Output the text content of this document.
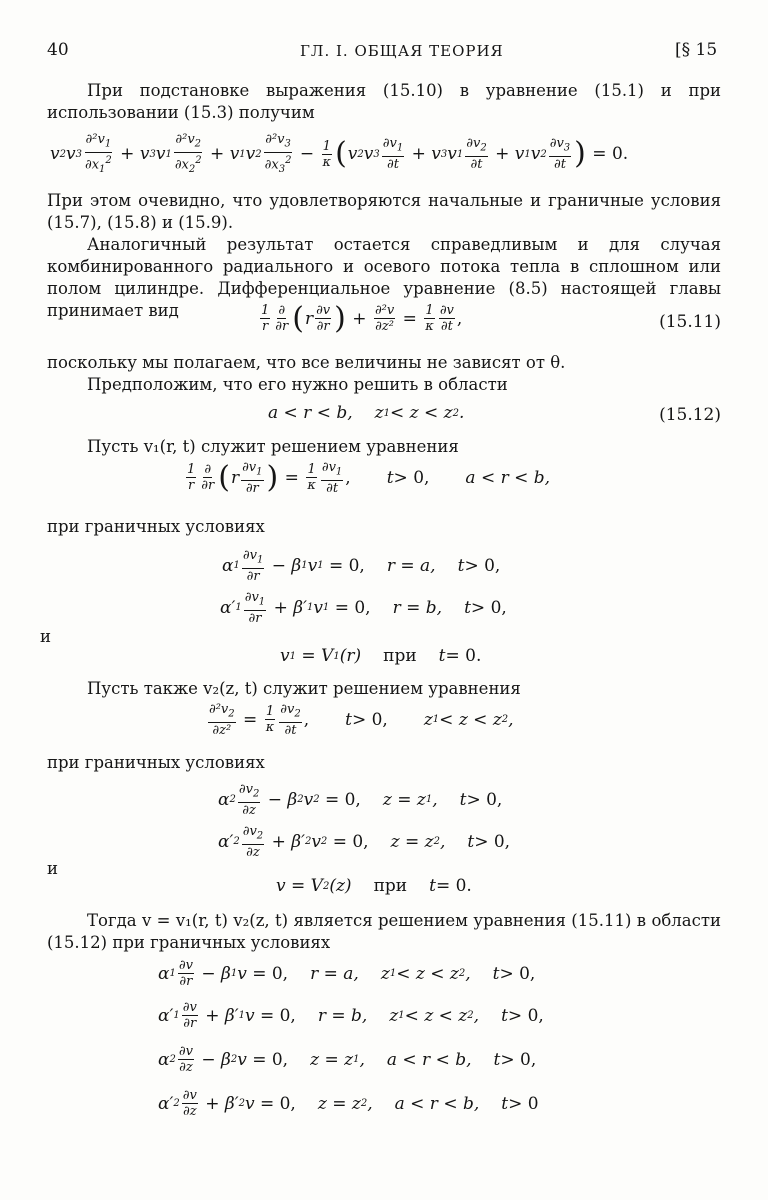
40	ГЛ. I. ОБЩАЯ ТЕОРИЯ	[§ 15
При подстановке выражения (15.10) в уравнение (15.1) и при использовании (15.3) получим
v 2 v 3
$\partial^2v_1$
$\partial x_1^2 + v$ 3 v 1
$\partial^2v_2$
$\partial x_2^2 + v$ 1 v 2
$\partial^2v_3$
$\partial x_3^2 - \frac{1}{\kappa}$ ( v 2 v 3
$\partial v_1$
∂t
+ v 3 v 1
$\partial v_2$
∂t
+ v 1 v 2
$\partial v_3$
∂t ) = 0.
При этом очевидно, что удовлетворяются начальные и граничные условия (15.7), (15.8) и (15.9).
Аналогичный результат остается справедливым и для случая комбинированного радиального и осевого потока тепла в сплошном или полом цилиндре. Дифференциальное уравнение (8.5) настоящей главы принимает вид	1
r
∂
∂r ( r ∂v
∂r ) + $\frac{\text{∂²v}}{\text{∂z²}} = \frac{1}{\kappa} \partial v$
∂t ,	(15.11)
поскольку мы полагаем, что все величины не зависят от θ.
Предположим, что его нужно решить в области
a < r < b, z 1 < z < z 2 .	(15.12)
Пусть v₁(r, t) служит решением уравнения
1
r
∂
∂r ( r
$\partial v_1$
∂r ) = $\frac{1}{\kappa} \partial v_1$
∂t
, t > 0, a < r < b,
при граничных условиях
α 1
$\partial v_1$
∂r
− β 1 v 1 = 0, r = a, t > 0,
α′ 1
$\partial v_1$
∂r
+ β′ 1 v 1 = 0, r = b, t > 0,
и
v 1 = V 1 (r) при t = 0.
Пусть также v₂(z, t) служит решением уравнения
$\frac{\partial^2v_2}{\text{∂z²}} = \frac{1}{\kappa} \partial v_2$
∂t
, t > 0, z 1 < z < z 2 ,
при граничных условиях
α 2
$\partial v_2$
∂z
− β 2 v 2 = 0, z = z 1 , t > 0,
α′ 2
$\partial v_2$
∂z
+ β′ 2 v 2 = 0, z = z 2 , t > 0,
и
v = V 2 (z) при t = 0.
Тогда v = v₁(r, t) v₂(z, t) является решением уравнения (15.11) в области (15.12) при граничных условиях
α 1
∂v
∂r − β 1 v = 0, r = a, z 1 < z < z 2 , t > 0,
α′ 1
∂v
∂r + β′ 1 v = 0, r = b, z 1 < z < z 2 , t > 0,
α 2
∂v
∂z − β 2 v = 0, z = z 1 , a < r < b, t > 0,
α′ 2
∂v
∂z + β′ 2 v = 0, z = z 2 , a < r < b, t > 0
